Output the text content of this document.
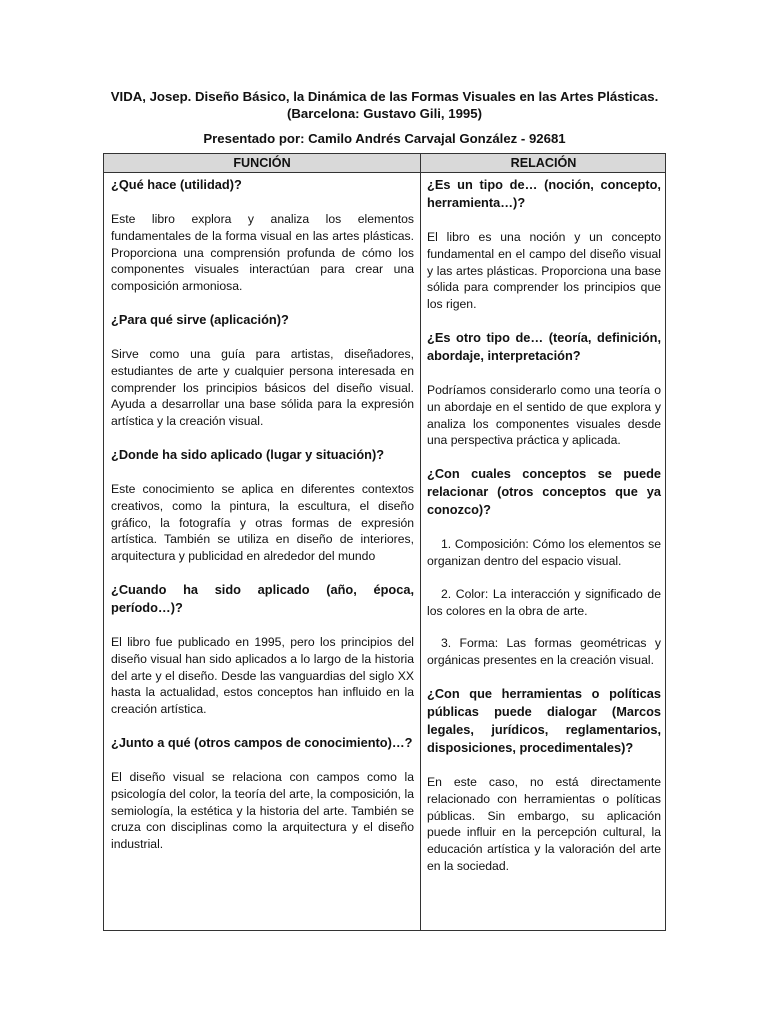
VIDA, Josep. Diseño Básico, la Dinámica de las Formas Visuales en las Artes Plásticas.
(Barcelona: Gustavo Gili, 1995)
Presentado por: Camilo Andrés Carvajal González - 92681
FUNCIÓN	RELACIÓN
¿Qué hace (utilidad)?
Este libro explora y analiza los elementos fundamentales de la forma visual en las artes plásticas. Proporciona una comprensión profunda de cómo los componentes visuales interactúan para crear una composición armoniosa.
¿Para qué sirve (aplicación)?
Sirve como una guía para artistas, diseñadores, estudiantes de arte y cualquier persona interesada en comprender los principios básicos del diseño visual. Ayuda a desarrollar una base sólida para la expresión artística y la creación visual.
¿Donde ha sido aplicado (lugar y situación)?
Este conocimiento se aplica en diferentes contextos creativos, como la pintura, la escultura, el diseño gráfico, la fotografía y otras formas de expresión artística. También se utiliza en diseño de interiores, arquitectura y publicidad en alrededor del mundo
¿Cuando ha sido aplicado (año, época, período…)?
El libro fue publicado en 1995, pero los principios del diseño visual han sido aplicados a lo largo de la historia del arte y el diseño. Desde las vanguardias del siglo XX hasta la actualidad, estos conceptos han influido en la creación artística.
¿Junto a qué (otros campos de conocimiento)…?
El diseño visual se relaciona con campos como la psicología del color, la teoría del arte, la composición, la semiología, la estética y la historia del arte. También se cruza con disciplinas como la arquitectura y el diseño industrial.
¿Es un tipo de… (noción, concepto, herramienta…)?
El libro es una noción y un concepto fundamental en el campo del diseño visual y las artes plásticas. Proporciona una base sólida para comprender los principios que los rigen.
¿Es otro tipo de… (teoría, definición, abordaje, interpretación?
Podríamos considerarlo como una teoría o un abordaje en el sentido de que explora y analiza los componentes visuales desde una perspectiva práctica y aplicada.
¿Con cuales conceptos se puede relacionar (otros conceptos que ya conozco)?
1. Composición: Cómo los elementos se organizan dentro del espacio visual.
2. Color: La interacción y significado de los colores en la obra de arte.
3. Forma: Las formas geométricas y orgánicas presentes en la creación visual.
¿Con que herramientas o políticas públicas puede dialogar (Marcos legales, jurídicos, reglamentarios, disposiciones, procedimentales)?
En este caso, no está directamente relacionado con herramientas o políticas públicas. Sin embargo, su aplicación puede influir en la percepción cultural, la educación artística y la valoración del arte en la sociedad.
